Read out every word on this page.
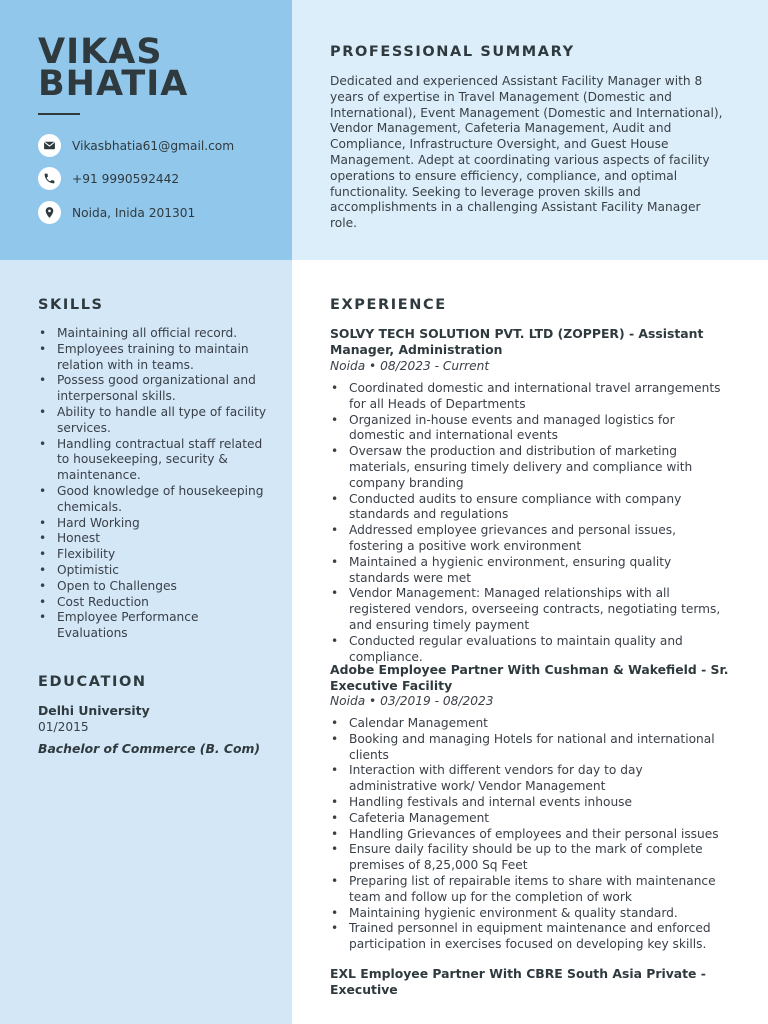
VIKAS
BHATIA
Vikasbhatia61@gmail.com
+91 9990592442
Noida, Inida 201301
PROFESSIONAL SUMMARY
Dedicated and experienced Assistant Facility Manager with 8 years of expertise in Travel Management (Domestic and International), Event Management (Domestic and International), Vendor Management, Cafeteria Management, Audit and Compliance, Infrastructure Oversight, and Guest House Management. Adept at coordinating various aspects of facility operations to ensure efficiency, compliance, and optimal functionality. Seeking to leverage proven skills and accomplishments in a challenging Assistant Facility Manager role.
SKILLS
• Maintaining all official record.
• Employees training to maintain relation with in teams.
• Possess good organizational and interpersonal skills.
• Ability to handle all type of facility services.
• Handling contractual staff related to housekeeping, security & maintenance.
• Good knowledge of housekeeping chemicals.
• Hard Working
• Honest
• Flexibility
• Optimistic
• Open to Challenges
• Cost Reduction
• Employee Performance Evaluations
EDUCATION
Delhi University
01/2015
Bachelor of Commerce (B. Com)
EXPERIENCE
SOLVY TECH SOLUTION PVT. LTD (ZOPPER) - Assistant Manager, Administration
Noida • 08/2023 - Current
• Coordinated domestic and international travel arrangements for all Heads of Departments
• Organized in-house events and managed logistics for domestic and international events
• Oversaw the production and distribution of marketing materials, ensuring timely delivery and compliance with company branding
• Conducted audits to ensure compliance with company standards and regulations
• Addressed employee grievances and personal issues, fostering a positive work environment
• Maintained a hygienic environment, ensuring quality standards were met
• Vendor Management: Managed relationships with all registered vendors, overseeing contracts, negotiating terms, and ensuring timely payment
• Conducted regular evaluations to maintain quality and compliance.
Adobe Employee Partner With Cushman & Wakefield - Sr. Executive Facility
Noida • 03/2019 - 08/2023
• Calendar Management
• Booking and managing Hotels for national and international clients
• Interaction with different vendors for day to day administrative work/ Vendor Management
• Handling festivals and internal events inhouse
• Cafeteria Management
• Handling Grievances of employees and their personal issues
• Ensure daily facility should be up to the mark of complete premises of 8,25,000 Sq Feet
• Preparing list of repairable items to share with maintenance team and follow up for the completion of work
• Maintaining hygienic environment & quality standard.
• Trained personnel in equipment maintenance and enforced participation in exercises focused on developing key skills.
EXL Employee Partner With CBRE South Asia Private - Executive
